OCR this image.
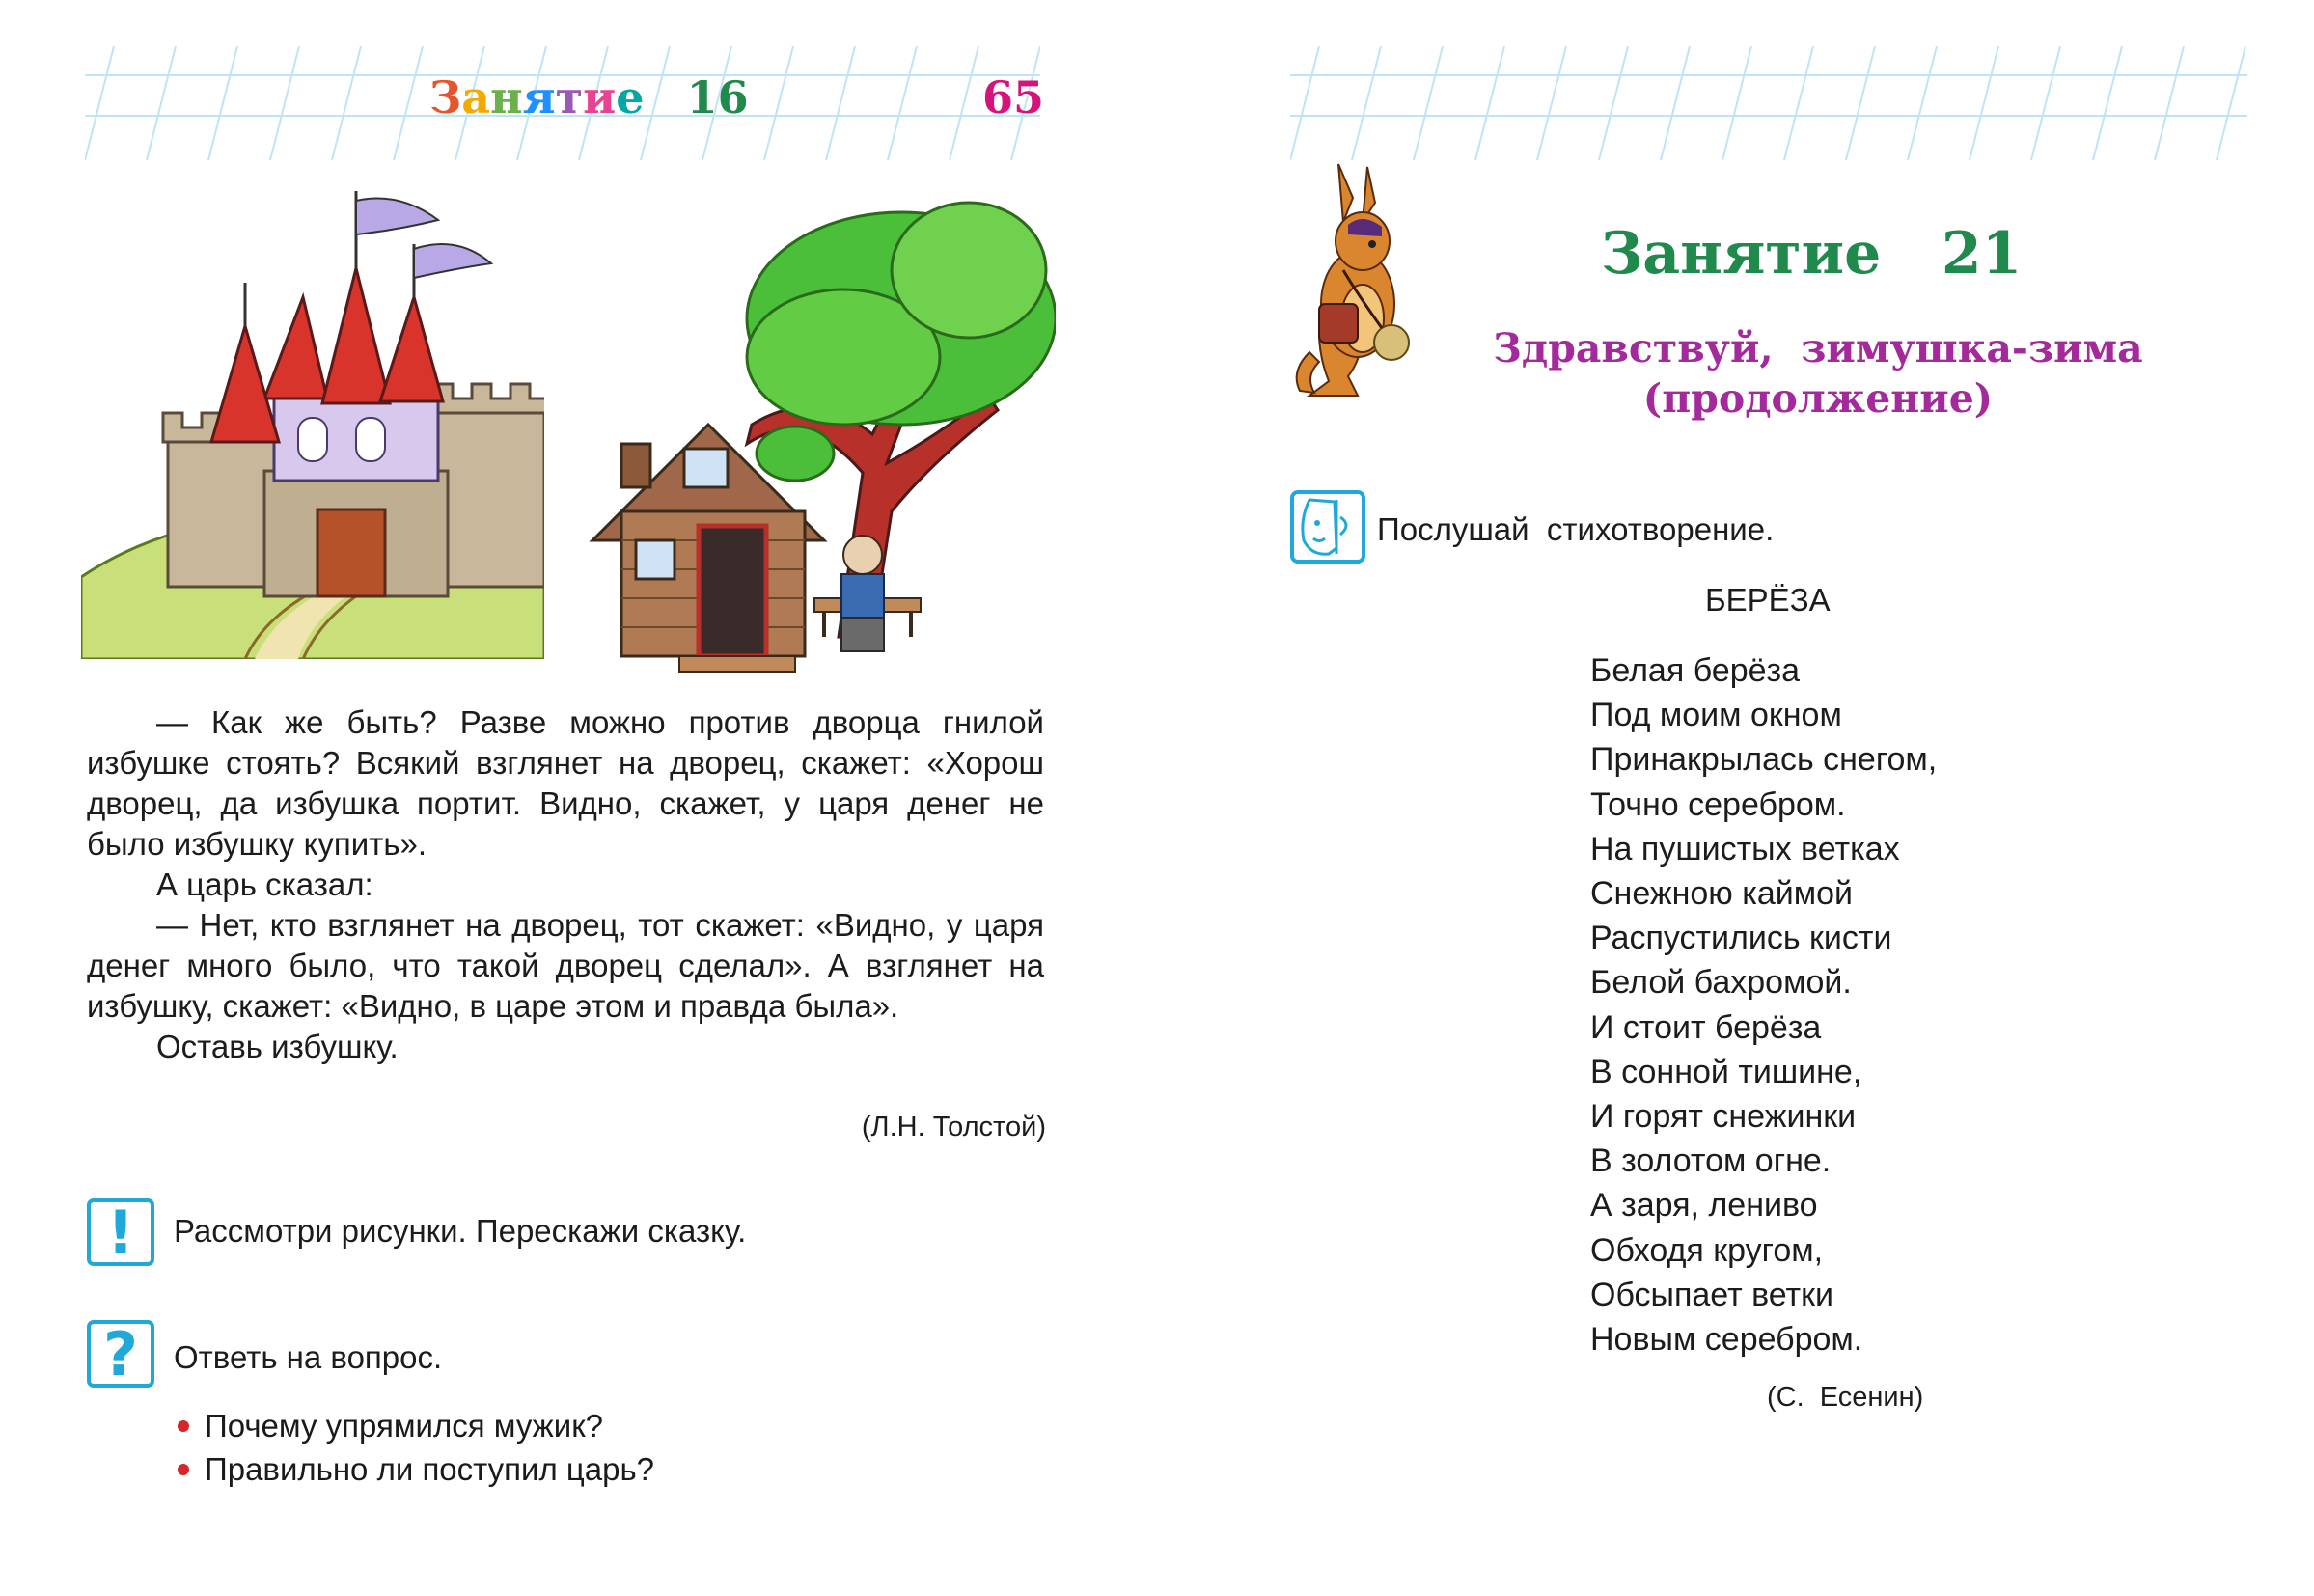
Занятие 16	65

— Как же быть? Разве можно против дворца гнилой избушке стоять? Всякий взглянет на дворец, скажет: «Хорош дворец, да избушка портит. Видно, скажет, у царя денег не было избушку купить».

А царь сказал:

— Нет, кто взглянет на дворец, тот скажет: «Видно, у царя денег много было, что такой дворец сделал». А взглянет на избушку, скажет: «Видно, в царе этом и правда была».

Оставь избушку.

(Л.Н. Толстой)
!	Рассмотри рисунки. Перескажи сказку.
?	Ответь на вопрос.
Почему упрямился мужик?
Правильно ли поступил царь?
Занятие   21
Здравствуй,  зимушка-зима
(продолжение)
Послушай  стихотворение.
БЕРЁЗА
Белая берёза
Под моим окном
Принакрылась снегом,
Точно серебром.
На пушистых ветках
Снежною каймой
Распустились кисти
Белой бахромой.
И стоит берёза
В сонной тишине,
И горят снежинки
В золотом огне.
А заря, лениво
Обходя кругом,
Обсыпает ветки
Новым серебром.
(С.  Есенин)
